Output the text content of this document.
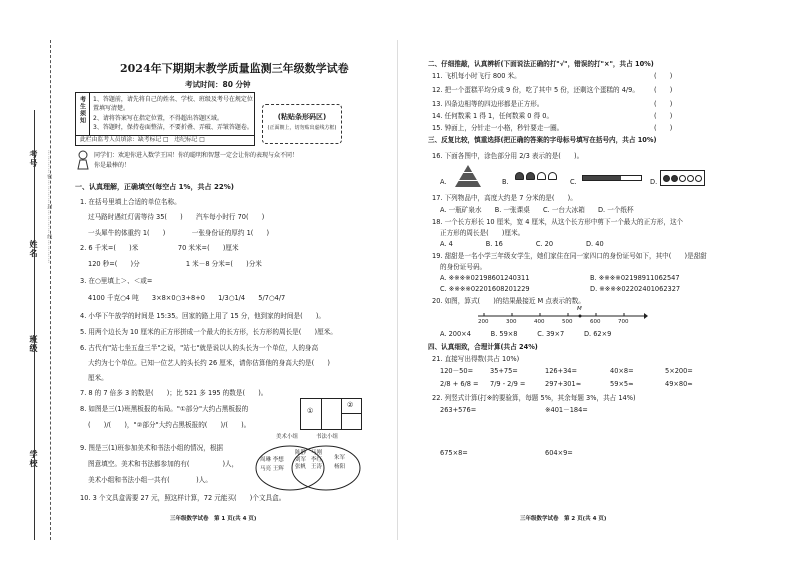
考号
姓名
班级
学校
…………密…………封…………线…………
2024年下期期末教学质量监测三年级数学试卷
考试时间：80 分钟
考生须知 1、答题前，请先将自己的姓名、学校、班级及考号在规定位置填写清楚。
2、请将答案写在指定位置，不得超出答题区域。
3、答题时，保持卷面整洁，不要折叠、弄破、弄皱答题卷。
此栏由监考人员填涂：缺考标记 □　违纪标记 □
(粘贴条形码区)
(正面朝上，切勿贴出虚线方框)
同学们：欢迎你进入数学王国！你的聪明和智慧一定会让你的表现与众不同！
你是最棒的！
一、认真理解，正确填空(每空占 1%，共占 22%)
1. 在括号里填上合适的单位名称。
过马路时遇红灯需等待 35(　　)　　汽车每小时行 70(　　)
一头犀牛的体重约 1(　　)　　　　一张身份证的厚约 1(　　)
2. 6 千米=(　　)米　　　　　　70 米米=(　　)厘米
120 秒=(　　)分　　　　　　　1 米－8 分米=(　　)分米
3. 在○里填上＞、＜或=
4100 千克○4 吨　　3×8×0○3+8+0　　1/3○1/4　　5/7○4/7
4. 小华下午放学的时间是 15:35。回家的路上用了 15 分，他到家的时间是(　　)。
5. 用两个边长为 10 厘米的正方形拼成一个最大的长方形，长方形的周长是(　　)厘米。
6. 古代有"站七坐五盘三半"之说，"站七"就是说以人的头长为一个单位，人的身高
大约为七个单位。已知一位艺人的头长约 26 厘米，请你估算他的身高大约是(　　)
厘米。
7. 8 的 7 倍多 3 的数是(　　)；比 521 多 195 的数是(　　)。
8. 如图是三(1)班黑板报的布局。"①部分"大约占黑板报的
(　　)/(　　)，"②部分"大约占黑板报的(　　)/(　　)。
9. 图是三(1)班参加美术和书法小组的情况，根据
图意填空。美术和书法都参加的有(　　　　　)人，
美术小组和书法小组一共有(　　　　)人。
10. 3 个文具盒需要 27 元，照这样计算，72 元能买(　　)个文具盒。
①
②
美术小组	书法小组
周琳 李想
马亮 王辉
陈静
刘军
张帆
马刚
李红
王涛
朱军
杨阳
三年级数学试卷　第 1 页(共 4 页)
二、仔细推敲，认真辨析(下面说法正确的打"√"，错误的打"×"，共占 10%)
11. 飞机每小时飞行 800 米。	(　　)
12. 把一个蛋糕平均分成 9 份，吃了其中 5 份，还剩这个蛋糕的 4/9。 (　　)
13. 四条边相等的四边形都是正方形。	(　　)
14. 任何数乘 1 得 1，任何数乘 0 得 0。	(　　)
15. 钟面上，分针走一小格，秒针要走一圈。	(　　)
三、反复比较，慎重选择(把正确的答案的字母标号填写在括号内，共占 10%)
16. 下面各图中，涂色部分用 2/3 表示的是(　　)。
A.	B.	C.	D.
17. 下列物品中，高度大约是 7 分米的是(　　)。
A. 一瓶矿泉水　　B. 一张课桌　　C. 一台大冰箱　　D. 一个纸杯
18. 一个长方形长 10 厘米，宽 4 厘米，从这个长方形中剪下一个最大的正方形，这个
正方形的周长是(　　)厘米。
A. 4　　　　　B. 16　　　　　C. 20　　　　　D. 40
19. 甜甜是一名小学三年级女学生，她们家住在同一家四口的身份证号如下，其中(　　)是甜甜
的身份证号码。
A. ※※※※02198601240311	B. ※※※※02198911062547
C. ※※※※02201608201229	D. ※※※※02202401062327
20. 如图，算式(　　)的结果最接近 M 点表示的数。
M
200	300	400	500	600	700
A. 200×4　　　B. 59×8　　　C. 39×7　　　D. 62×9
四、认真细致，合理计算(共占 24%)
21. 直接写出得数(共占 10%)
120－50=	35+75=	126+34=	40×8=	5×200=
2/8 + 6/8 = 7/9 - 2/9 =	297+301≈	59×5≈	49×80≈
22. 列竖式计算(打※的要验算，每题 5%，其余每题 3%，共占 14%)
263+576=	※401－184=
675×8=	604×9=
三年级数学试卷　第 2 页(共 4 页)
